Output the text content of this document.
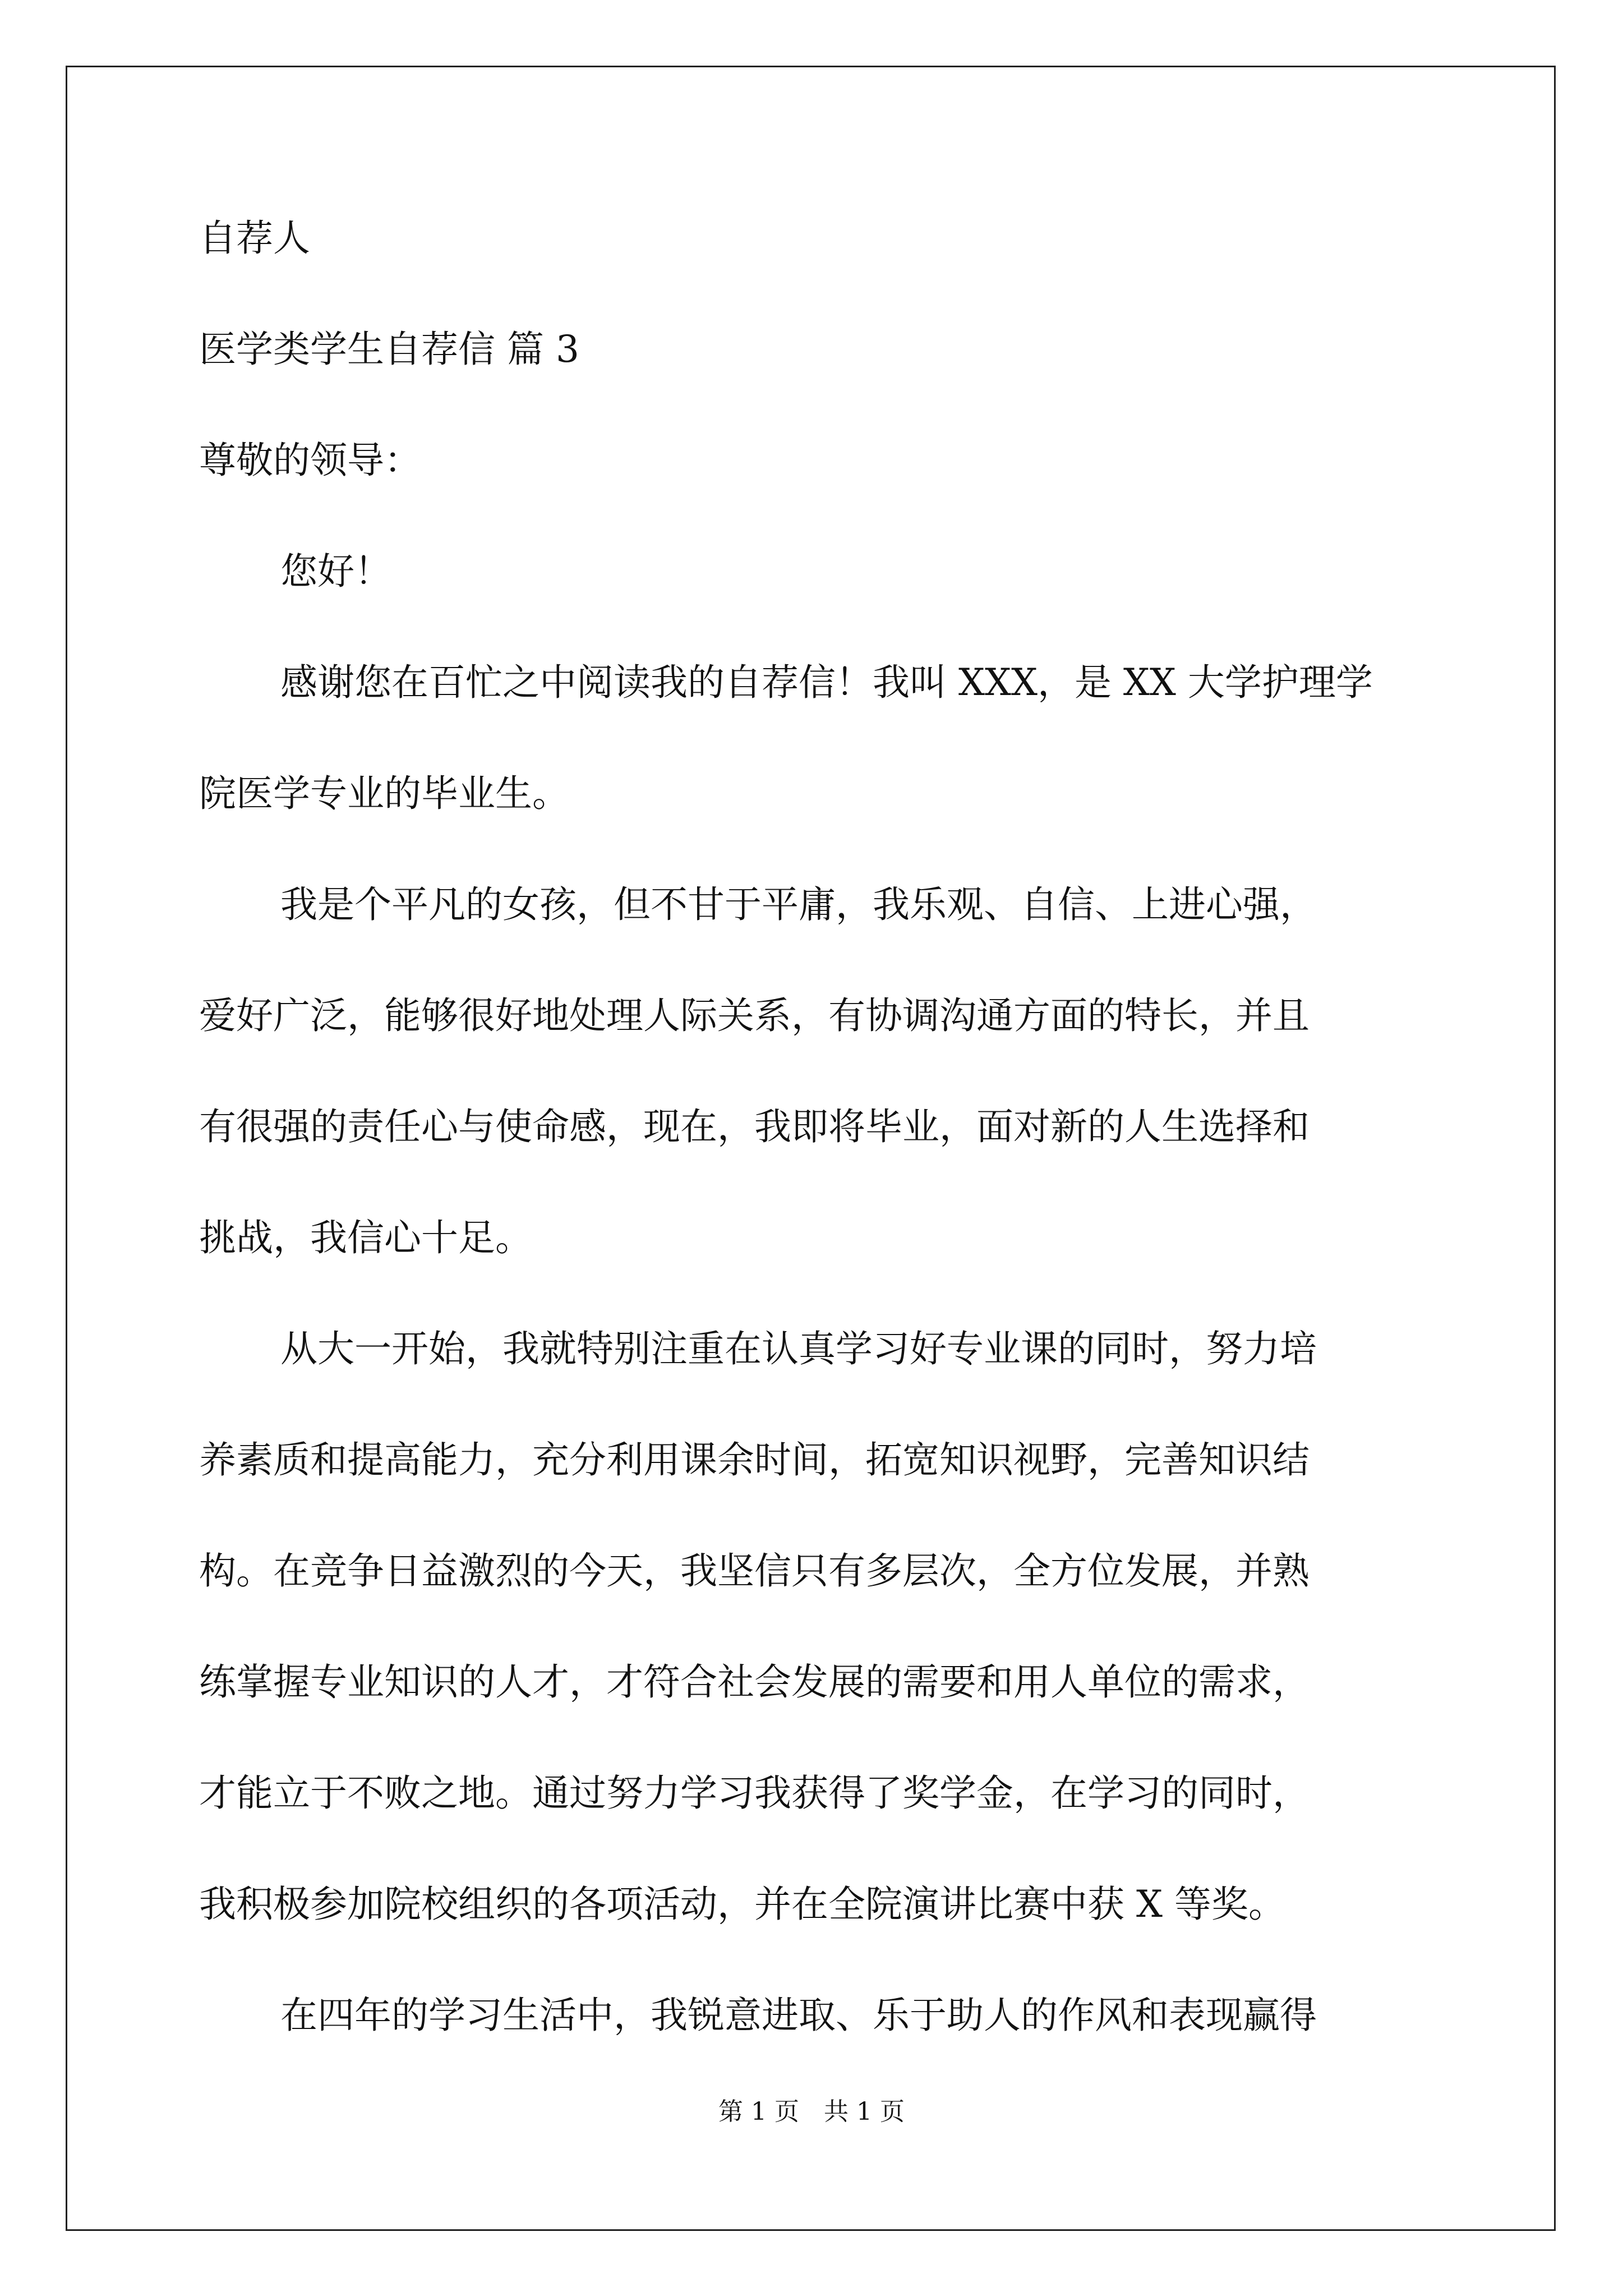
自荐人
医学类学生自荐信 篇 3
尊敬的领导：
您好！
感谢您在百忙之中阅读我的自荐信！我叫 XXX，是 XX 大学护理学
院医学专业的毕业生。
我是个平凡的女孩，但不甘于平庸，我乐观、自信、上进心强，
爱好广泛，能够很好地处理人际关系，有协调沟通方面的特长，并且
有很强的责任心与使命感，现在，我即将毕业，面对新的人生选择和
挑战，我信心十足。
从大一开始，我就特别注重在认真学习好专业课的同时，努力培
养素质和提高能力，充分利用课余时间，拓宽知识视野，完善知识结
构。在竞争日益激烈的今天，我坚信只有多层次，全方位发展，并熟
练掌握专业知识的人才，才符合社会发展的需要和用人单位的需求，
才能立于不败之地。通过努力学习我获得了奖学金，在学习的同时，
我积极参加院校组织的各项活动，并在全院演讲比赛中获 X 等奖。
在四年的学习生活中，我锐意进取、乐于助人的作风和表现赢得
第 1 页　共 1 页
